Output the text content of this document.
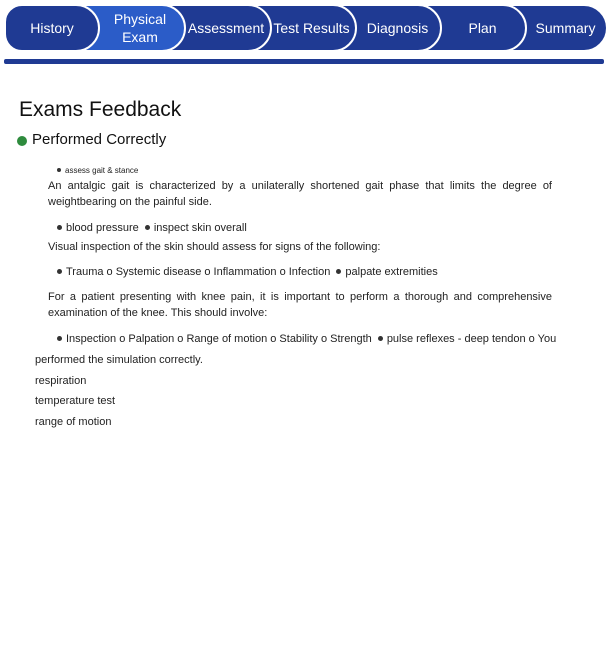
History
Physical
Exam
Assessment Test Results Diagnosis	Plan	Summary
Exams Feedback
Performed Correctly
assess gait & stance

An antalgic gait is characterized by a unilaterally shortened gait phase that limits the degree of weightbearing on the painful side.

blood pressure inspect skin overall
Visual inspection of the skin should assess for signs of the following:
Trauma o Systemic disease o Inflammation o Infection palpate extremities

For a patient presenting with knee pain, it is important to perform a thorough and comprehensive examination of the knee. This should involve:

Inspection o Palpation o Range of motion o Stability o Strength pulse reflexes - deep tendon o You
performed the simulation correctly.
respiration
temperature test
range of motion
